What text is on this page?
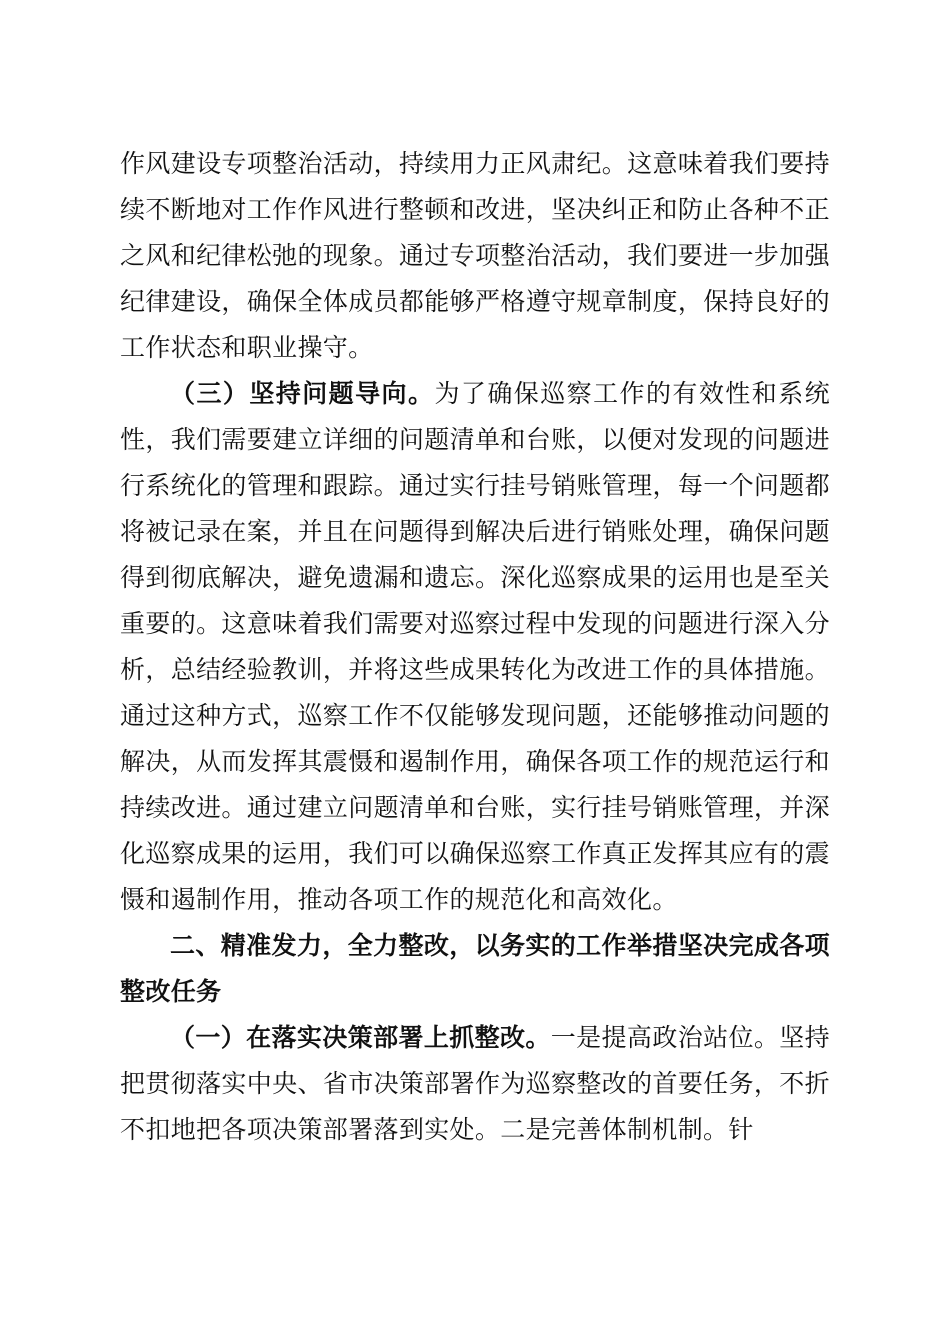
作风建设专项整治活动，持续用力正风肃纪。这意味着我们要持续不断地对工作作风进行整顿和改进，坚决纠正和防止各种不正之风和纪律松弛的现象。通过专项整治活动，我们要进一步加强纪律建设，确保全体成员都能够严格遵守规章制度，保持良好的工作状态和职业操守。

（三）坚持问题导向。为了确保巡察工作的有效性和系统性，我们需要建立详细的问题清单和台账，以便对发现的问题进行系统化的管理和跟踪。通过实行挂号销账管理，每一个问题都将被记录在案，并且在问题得到解决后进行销账处理，确保问题得到彻底解决，避免遗漏和遗忘。深化巡察成果的运用也是至关重要的。这意味着我们需要对巡察过程中发现的问题进行深入分析，总结经验教训，并将这些成果转化为改进工作的具体措施。通过这种方式，巡察工作不仅能够发现问题，还能够推动问题的解决，从而发挥其震慑和遏制作用，确保各项工作的规范运行和持续改进。通过建立问题清单和台账，实行挂号销账管理，并深化巡察成果的运用，我们可以确保巡察工作真正发挥其应有的震慑和遏制作用，推动各项工作的规范化和高效化。

二、精准发力，全力整改，以务实的工作举措坚决完成各项整改任务

（一）在落实决策部署上抓整改。一是提高政治站位。坚持把贯彻落实中央、省市决策部署作为巡察整改的首要任务，不折不扣地把各项决策部署落到实处。二是完善体制机制。针
